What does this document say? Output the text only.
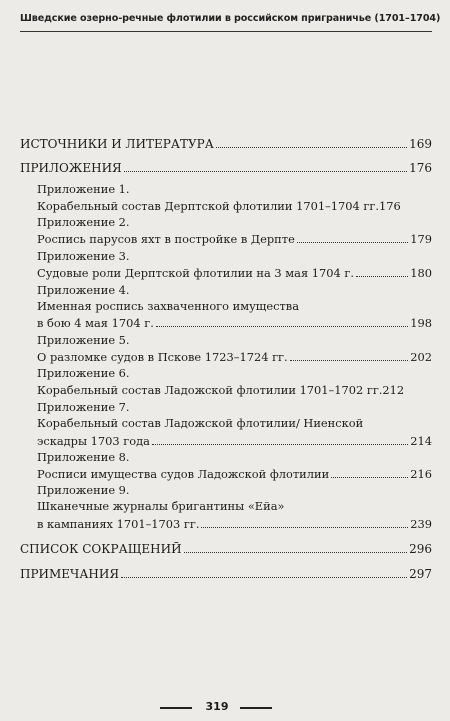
Шведские озерно-речные флотилии в российском приграничье (1701–1704)
ИСТОЧНИКИ И ЛИТЕРАТУРА	169
ПРИЛОЖЕНИЯ	176
Приложение 1.
Корабельный состав Дерптской флотилии 1701–1704 гг. 176
Приложение 2.
Роспись парусов яхт в постройке в Дерпте	179
Приложение 3.
Судовые роли Дерптской флотилии на 3 мая 1704 г.	180
Приложение 4.
Именная роспись захваченного имущества
в бою 4 мая 1704 г.	198
Приложение 5.
О разломке судов в Пскове 1723–1724 гг.	202
Приложение 6.
Корабельный состав Ладожской флотилии 1701–1702 гг. 212
Приложение 7.
Корабельный состав Ладожской флотилии/ Ниенской
эскадры 1703 года	214
Приложение 8.
Росписи имущества судов Ладожской флотилии	216
Приложение 9.
Шканечные журналы бригантины «Ейа»
в кампаниях 1701–1703 гг.	239
СПИСОК СОКРАЩЕНИЙ	296
ПРИМЕЧАНИЯ	297
319
